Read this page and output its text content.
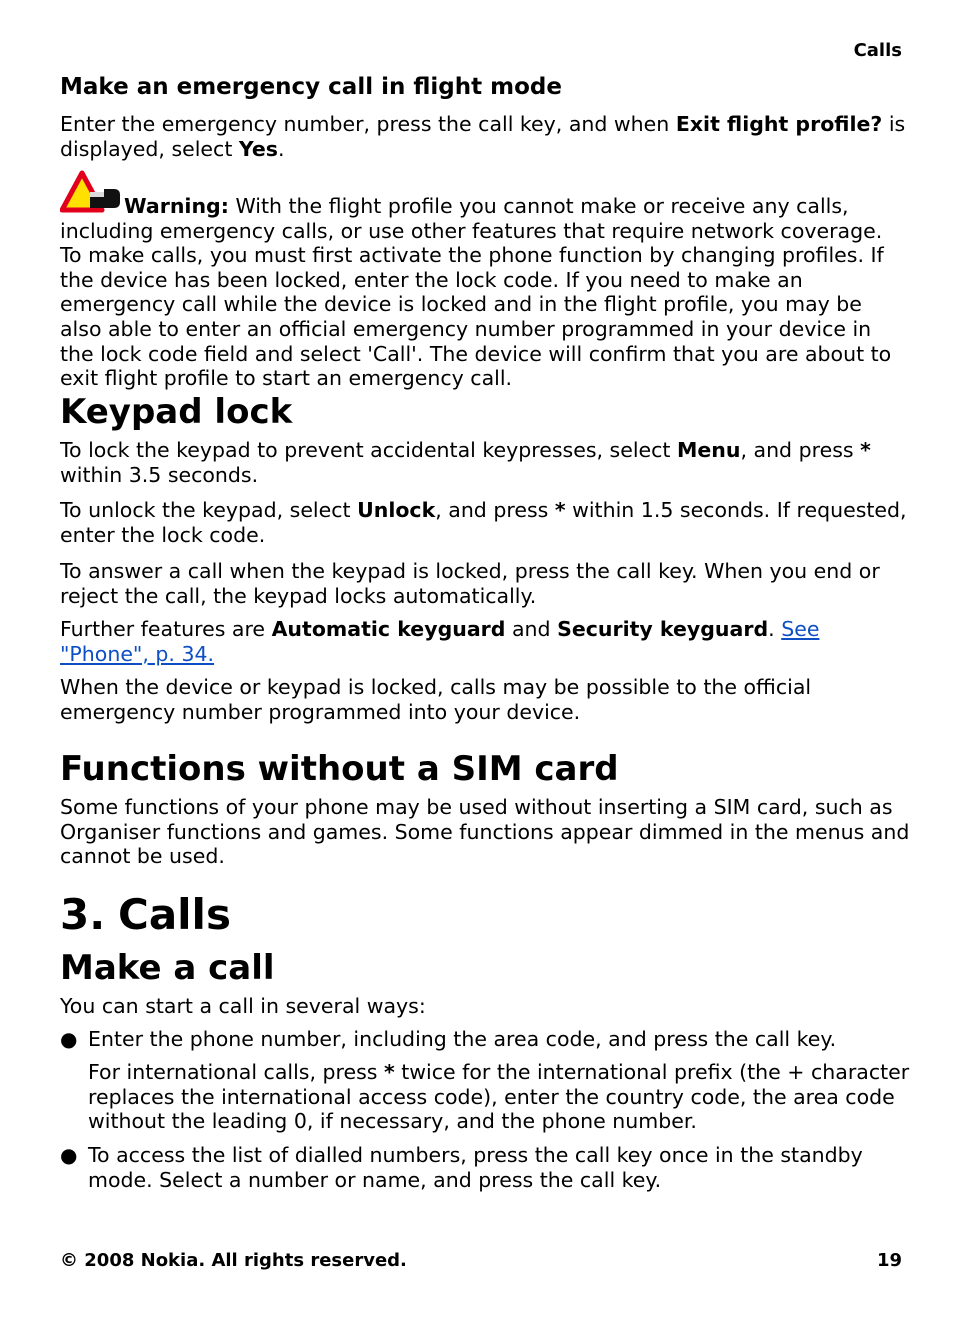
Calls
Make an emergency call in flight mode

Enter the emergency number, press the call key, and when Exit flight profile? is displayed, select Yes.

Warning: With the flight profile you cannot make or receive any calls, including emergency calls, or use other features that require network coverage. To make calls, you must first activate the phone function by changing profiles. If the device has been locked, enter the lock code. If you need to make an emergency call while the device is locked and in the flight profile, you may be also able to enter an official emergency number programmed in your device in the lock code field and select 'Call'. The device will confirm that you are about to exit flight profile to start an emergency call.

Keypad lock

To lock the keypad to prevent accidental keypresses, select Menu, and press * within 3.5 seconds.

To unlock the keypad, select Unlock, and press * within 1.5 seconds. If requested, enter the lock code.

To answer a call when the keypad is locked, press the call key. When you end or reject the call, the keypad locks automatically.

Further features are Automatic keyguard and Security keyguard. See
"Phone", p. 34.

When the device or keypad is locked, calls may be possible to the official emergency number programmed into your device.

Functions without a SIM card

Some functions of your phone may be used without inserting a SIM card, such as Organiser functions and games. Some functions appear dimmed in the menus and cannot be used.

3. Calls
Make a call

You can start a call in several ways:

● Enter the phone number, including the area code, and press the call key.

For international calls, press * twice for the international prefix (the + character replaces the international access code), enter the country code, the area code without the leading 0, if necessary, and the phone number.

● To access the list of dialled numbers, press the call key once in the standby mode. Select a number or name, and press the call key.

© 2008 Nokia. All rights reserved.	19
